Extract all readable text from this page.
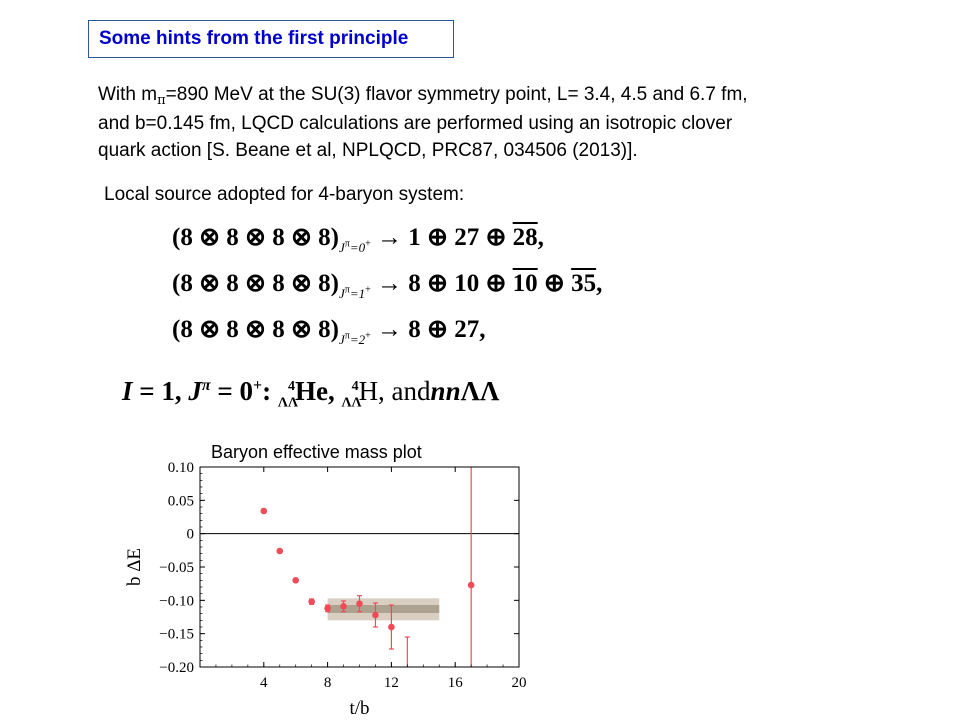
Some hints from the first principle
With $m_\pi=890$ MeV at the SU(3) flavor symmetry point, L= 3.4, 4.5 and 6.7 fm,
and b=0.145 fm, LQCD calculations are performed using an isotropic clover
quark action [S. Beane et al, NPLQCD, PRC87, 034506 (2013)].
Local source adopted for 4-baryon system:
(8 ⊗ 8 ⊗ 8 ⊗ $8)_{J^\pi=0^+} \to 1$ ⊕ 27 ⊕ 28,
(8 ⊗ 8 ⊗ 8 ⊗ $8)_{J^\pi=1^+} \to 8$ ⊕ 10 ⊕ 10 ⊕ 35,
(8 ⊗ 8 ⊗ 8 ⊗ $8)_{J^\pi=2^+} \to 8$ ⊕ 27,
I = 1, $J^\pi = 0^+$: $_{\Lambda\Lambda}^4$He, $_{\Lambda\Lambda}^4$H, andnnΛΛ
Baryon effective mass plot
0.10
0.05
0
−0.05
−0.10
−0.15
−0.20
4	8	12	16	20
t/b
b ΔE
